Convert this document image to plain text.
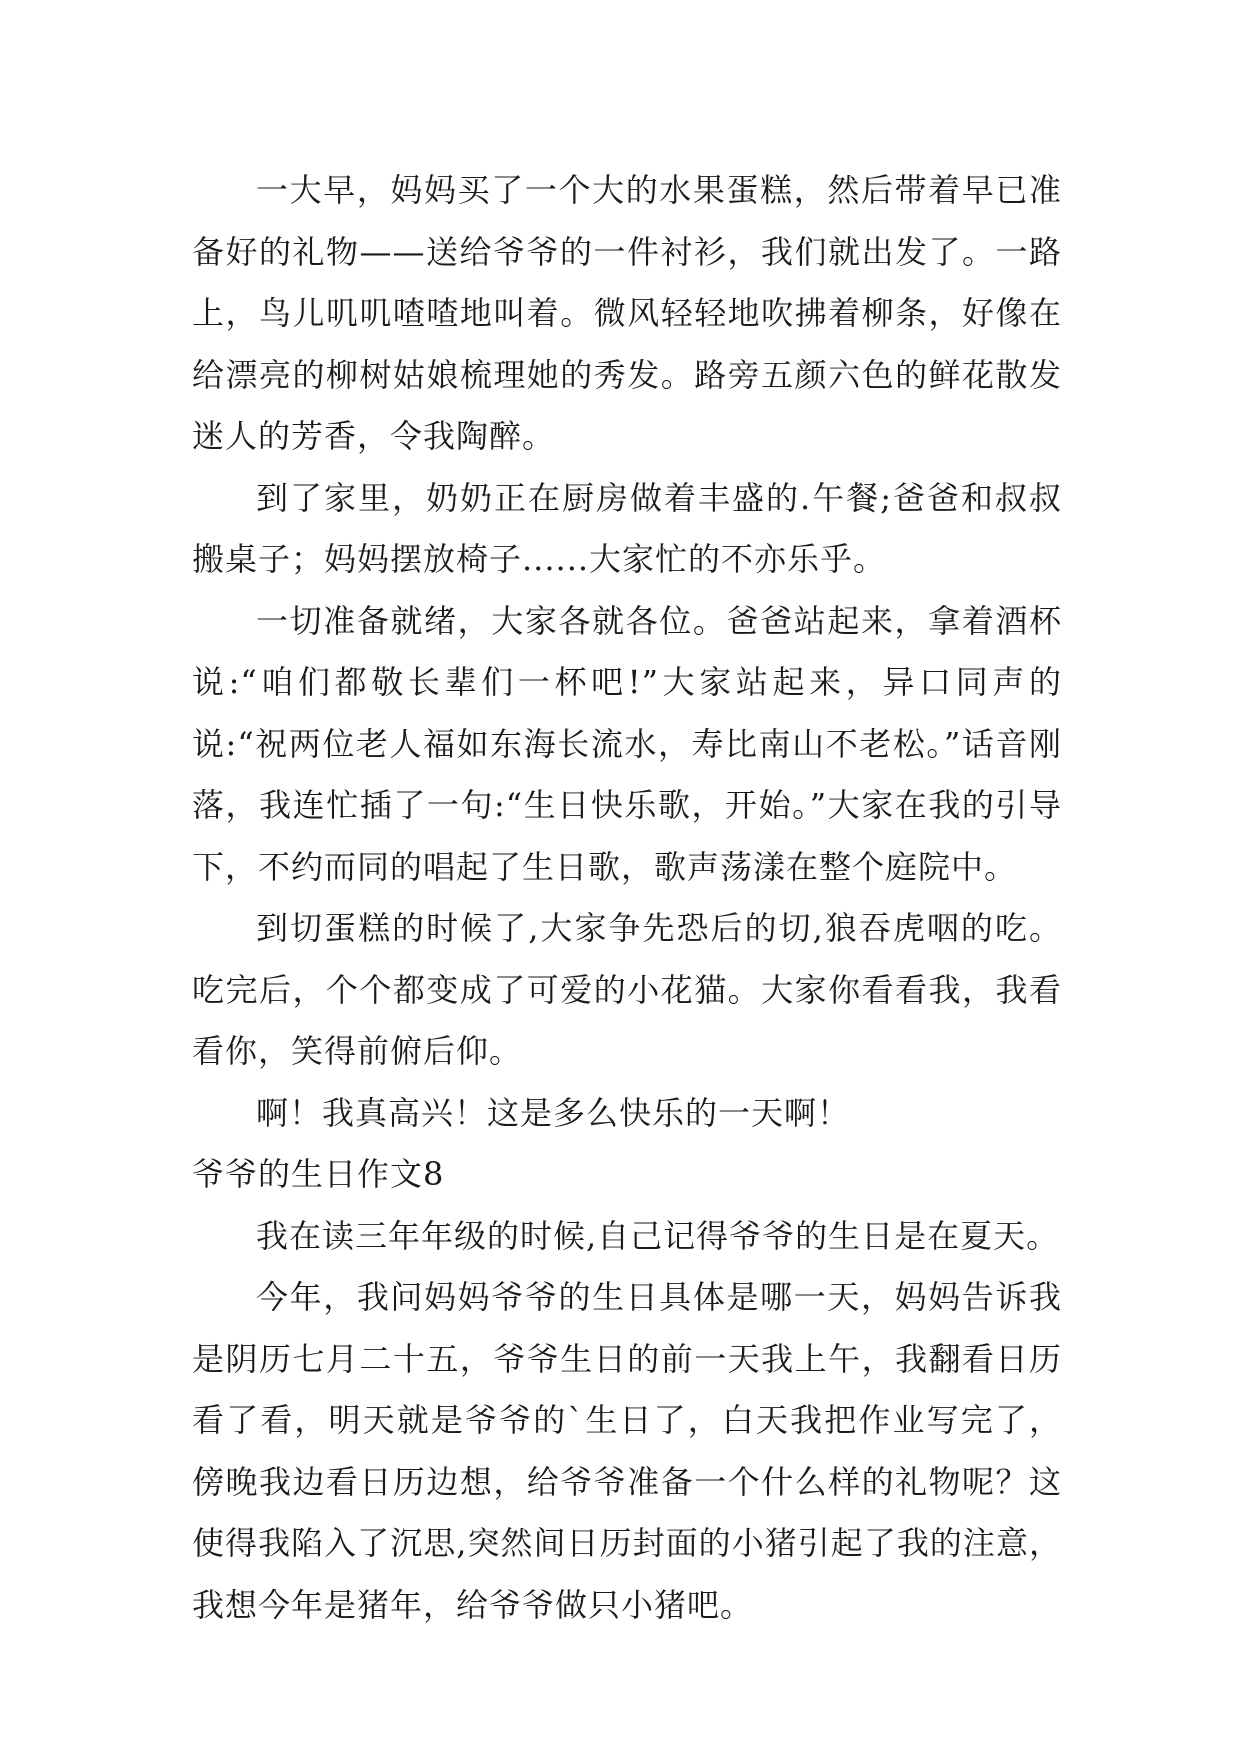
一大早，妈妈买了一个大的水果蛋糕，然后带着早已准备好的礼物——送给爷爷的一件衬衫，我们就出发了。一路上，鸟儿叽叽喳喳地叫着。微风轻轻地吹拂着柳条，好像在给漂亮的柳树姑娘梳理她的秀发。路旁五颜六色的鲜花散发迷人的芳香，令我陶醉。

到了家里，奶奶正在厨房做着丰盛的.午餐;爸爸和叔叔搬桌子；妈妈摆放椅子......大家忙的不亦乐乎。

一切准备就绪，大家各就各位。爸爸站起来，拿着酒杯说:“咱们都敬长辈们一杯吧!”大家站起来，异口同声的说:“祝两位老人福如东海长流水，寿比南山不老松。”话音刚落，我连忙插了一句:“生日快乐歌，开始。”大家在我的引导下，不约而同的唱起了生日歌，歌声荡漾在整个庭院中。

到切蛋糕的时候了,大家争先恐后的切,狼吞虎咽的吃。吃完后，个个都变成了可爱的小花猫。大家你看看我，我看看你，笑得前俯后仰。

啊！我真高兴！这是多么快乐的一天啊！

爷爷的生日作文8

我在读三年年级的时候,自己记得爷爷的生日是在夏天。

今年，我问妈妈爷爷的生日具体是哪一天，妈妈告诉我是阴历七月二十五，爷爷生日的前一天我上午，我翻看日历看了看，明天就是爷爷的`生日了，白天我把作业写完了，傍晚我边看日历边想，给爷爷准备一个什么样的礼物呢？这使得我陷入了沉思,突然间日历封面的小猪引起了我的注意，我想今年是猪年，给爷爷做只小猪吧。
